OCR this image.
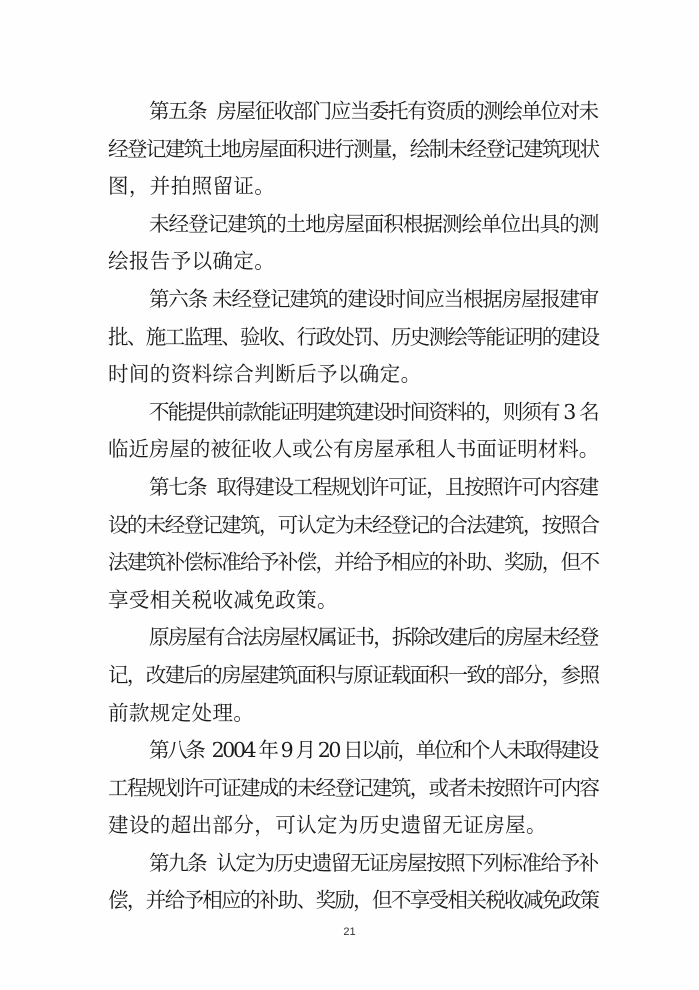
第五条  房屋征收部门应当委托有资质的测绘单位对未
经登记建筑土地房屋面积进行测量，绘制未经登记建筑现状
图，并拍照留证。
未经登记建筑的土地房屋面积根据测绘单位出具的测
绘报告予以确定。
第六条 未经登记建筑的建设时间应当根据房屋报建审
批、施工监理、验收、行政处罚、历史测绘等能证明的建设
时间的资料综合判断后予以确定。
不能提供前款能证明建筑建设时间资料的，则须有 3 名
临近房屋的被征收人或公有房屋承租人书面证明材料。
第七条  取得建设工程规划许可证，且按照许可内容建
设的未经登记建筑，可认定为未经登记的合法建筑，按照合
法建筑补偿标准给予补偿，并给予相应的补助、奖励，但不
享受相关税收减免政策。
原房屋有合法房屋权属证书，拆除改建后的房屋未经登
记，改建后的房屋建筑面积与原证载面积一致的部分，参照
前款规定处理。
第八条  2004 年 9 月 20 日以前，单位和个人未取得建设
工程规划许可证建成的未经登记建筑，或者未按照许可内容
建设的超出部分，可认定为历史遗留无证房屋。
第九条  认定为历史遗留无证房屋按照下列标准给予补
偿，并给予相应的补助、奖励，但不享受相关税收减免政策
21
